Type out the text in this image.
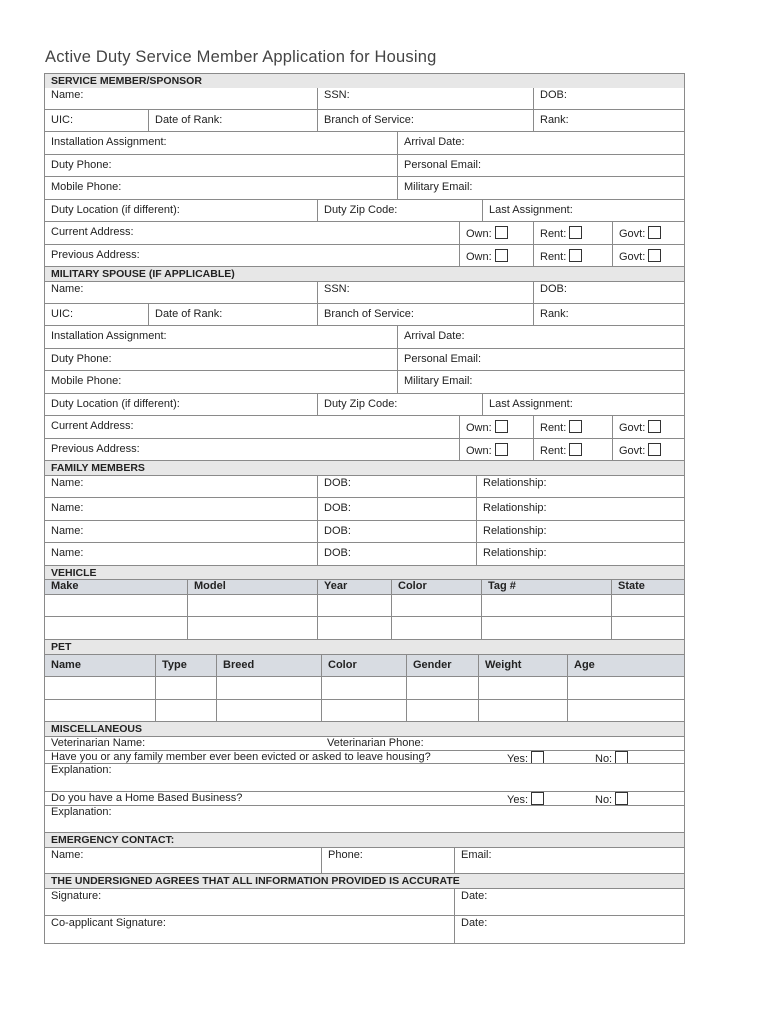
Active Duty Service Member Application for Housing
SERVICE MEMBER/SPONSOR
Name:	SSN:	DOB:
UIC:	Date of Rank:	Branch of Service:	Rank:
Installation Assignment:	Arrival Date:
Duty Phone:	Personal Email:
Mobile Phone:	Military Email:
Duty Location (if different):	Duty Zip Code:	Last Assignment:
Current Address:	Own:	Rent:	Govt:
Previous Address:	Own:	Rent:	Govt:
MILITARY SPOUSE (IF APPLICABLE)
Name:	SSN:	DOB:
UIC:	Date of Rank:	Branch of Service:	Rank:
Installation Assignment:	Arrival Date:
Duty Phone:	Personal Email:
Mobile Phone:	Military Email:
Duty Location (if different):	Duty Zip Code:	Last Assignment:
Current Address:	Own:	Rent:	Govt:
Previous Address:	Own:	Rent:	Govt:
FAMILY MEMBERS
Name:	DOB:	Relationship:
Name:	DOB:	Relationship:
Name:	DOB:	Relationship:
Name:	DOB:	Relationship:
VEHICLE
Make	Model	Year	Color	Tag #	State
PET
Name	Type	Breed	Color	Gender	Weight	Age
MISCELLANEOUS
Veterinarian Name:	Veterinarian Phone:
Have you or any family member ever been evicted or asked to leave housing?	Yes:	No:
Explanation:
Do you have a Home Based Business?	Yes:	No:
Explanation:
EMERGENCY CONTACT:
Name:	Phone:	Email:
THE UNDERSIGNED AGREES THAT ALL INFORMATION PROVIDED IS ACCURATE
Signature:	Date:
Co-applicant Signature:	Date:
